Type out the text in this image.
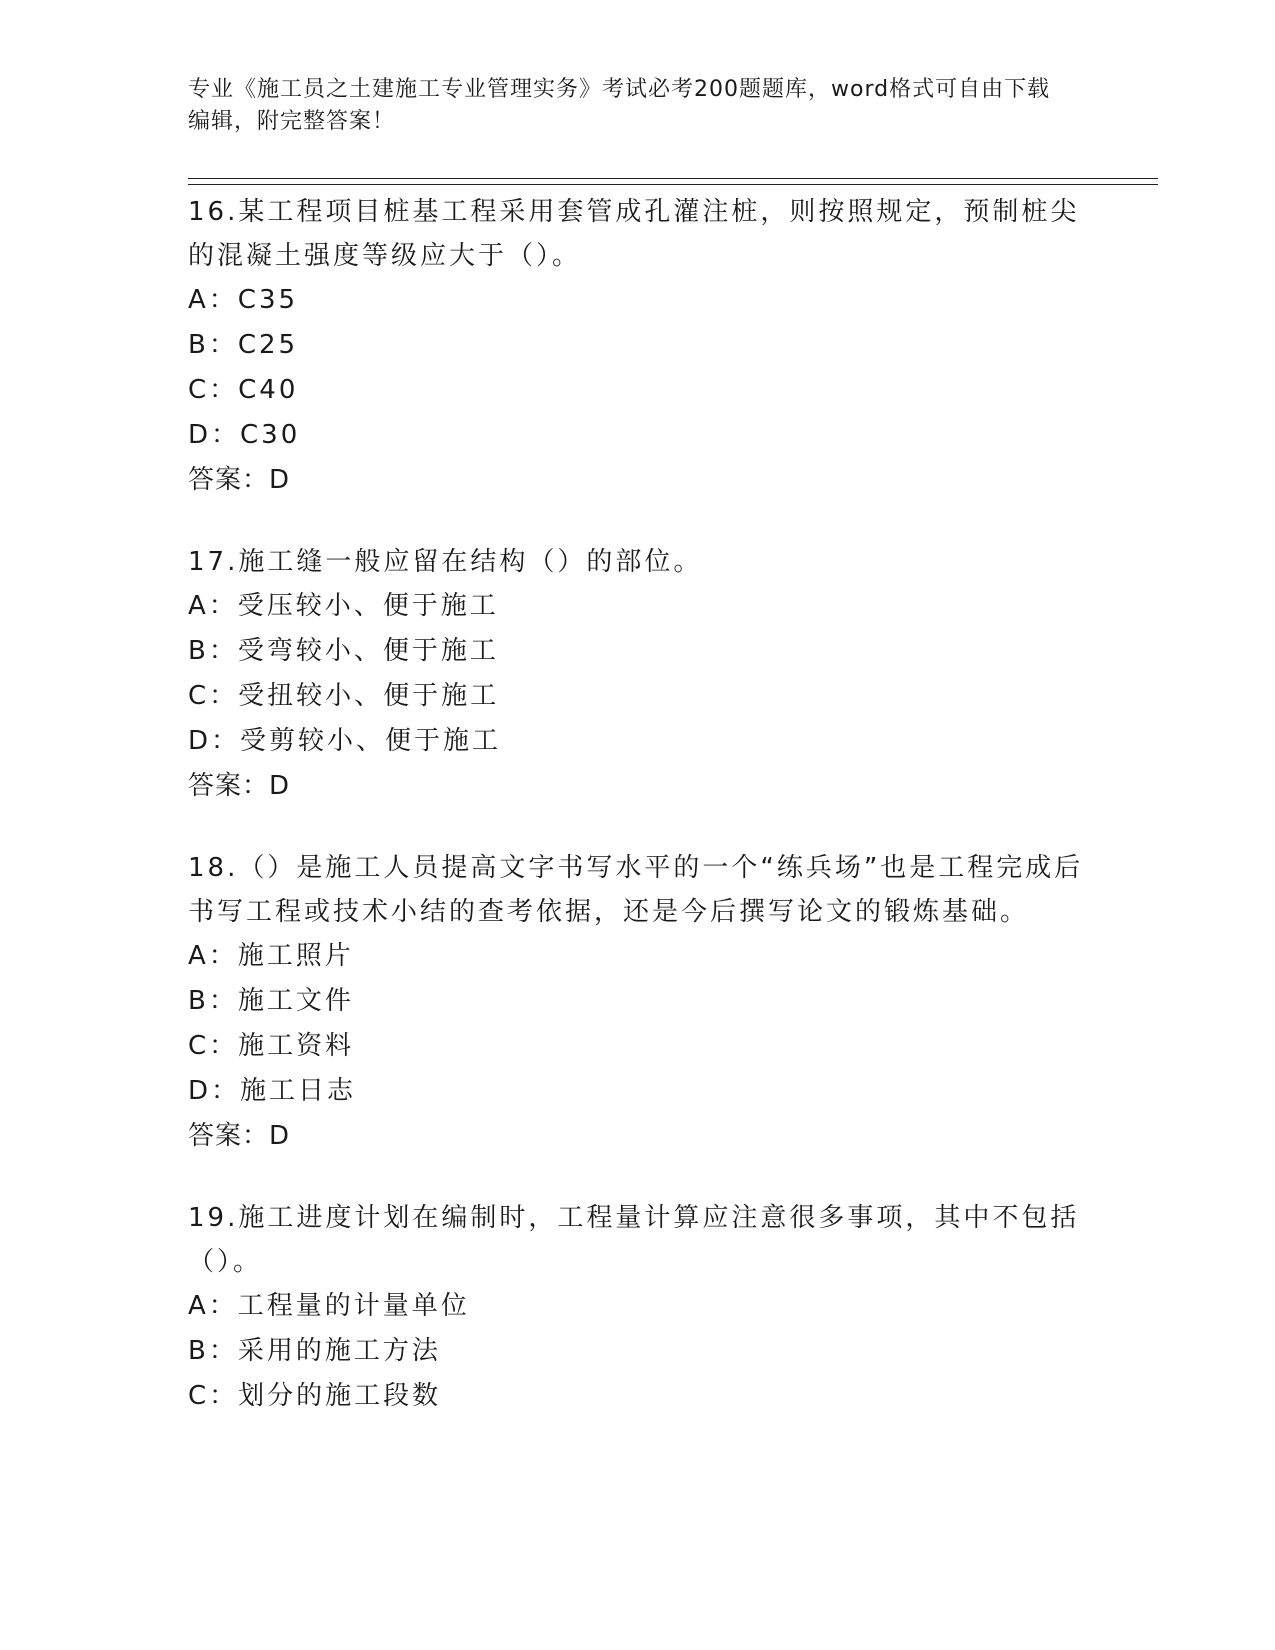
专业《施工员之土建施工专业管理实务》考试必考200题题库，word格式可自由下载编辑，附完整答案！

16.某工程项目桩基工程采用套管成孔灌注桩，则按照规定，预制桩尖的混凝土强度等级应大于（）。

A：C35

B：C25

C：C40

D：C30

答案：D

17.施工缝一般应留在结构（）的部位。

A：受压较小、便于施工

B：受弯较小、便于施工

C：受扭较小、便于施工

D：受剪较小、便于施工

答案：D

18.（）是施工人员提高文字书写水平的一个“练兵场”也是工程完成后书写工程或技术小结的查考依据，还是今后撰写论文的锻炼基础。

A：施工照片

B：施工文件

C：施工资料

D：施工日志

答案：D

19.施工进度计划在编制时，工程量计算应注意很多事项，其中不包括（）。

A：工程量的计量单位

B：采用的施工方法

C：划分的施工段数
